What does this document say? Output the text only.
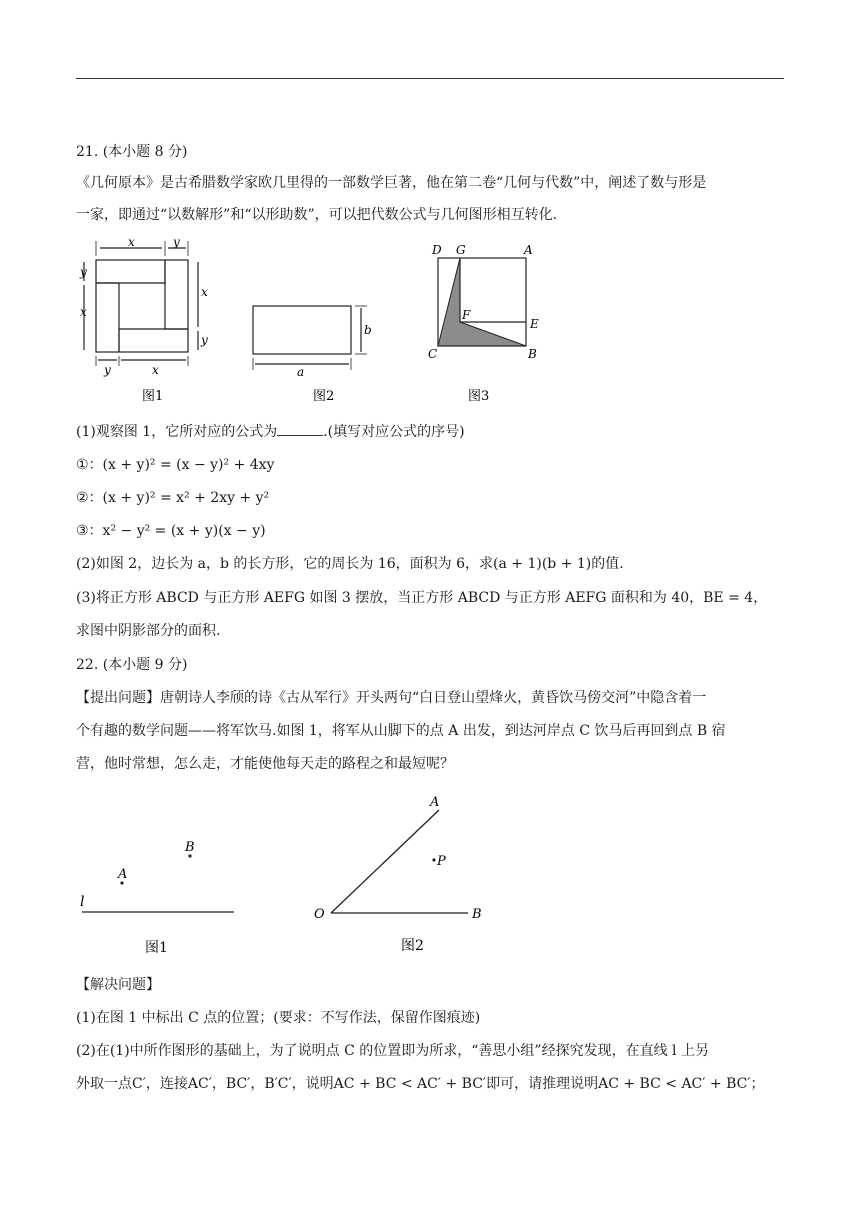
21. (本小题 8 分)
《几何原本》是古希腊数学家欧几里得的一部数学巨著，他在第二卷“几何与代数”中，阐述了数与形是
一家，即通过“以数解形”和“以形助数”，可以把代数公式与几何图形相互转化.
x	y
y
x
x
y
y	x
图1
b
a
图2
D G	A
F
E
C	B
图3
(1)观察图 1，它所对应的公式为	.(填写对应公式的序号)
①：(x + y)² = (x − y)² + 4xy
②：(x + y)² = x² + 2xy + y²
③：x² − y² = (x + y)(x − y)
(2)如图 2，边长为 a，b 的长方形，它的周长为 16，面积为 6，求(a + 1)(b + 1)的值.
(3)将正方形 ABCD 与正方形 AEFG 如图 3 摆放，当正方形 ABCD 与正方形 AEFG 面积和为 40，BE = 4，
求图中阴影部分的面积.
22. (本小题 9 分)
【提出问题】唐朝诗人李颀的诗《古从军行》开头两句“白日登山望烽火，黄昏饮马傍交河”中隐含着一
个有趣的数学问题——将军饮马.如图 1，将军从山脚下的点 A 出发，到达河岸点 C 饮马后再回到点 B 宿
营，他时常想，怎么走，才能使他每天走的路程之和最短呢？
A
B
l
图1
A
P
O	B
图2
【解决问题】
(1)在图 1 中标出 C 点的位置；(要求：不写作法，保留作图痕迹)
(2)在(1)中所作图形的基础上，为了说明点 C 的位置即为所求，“善思小组”经探究发现，在直线 l 上另
外取一点C′，连接AC′，BC′，B′C′，说明AC + BC < AC′ + BC′即可，请推理说明AC + BC < AC′ + BC′；
